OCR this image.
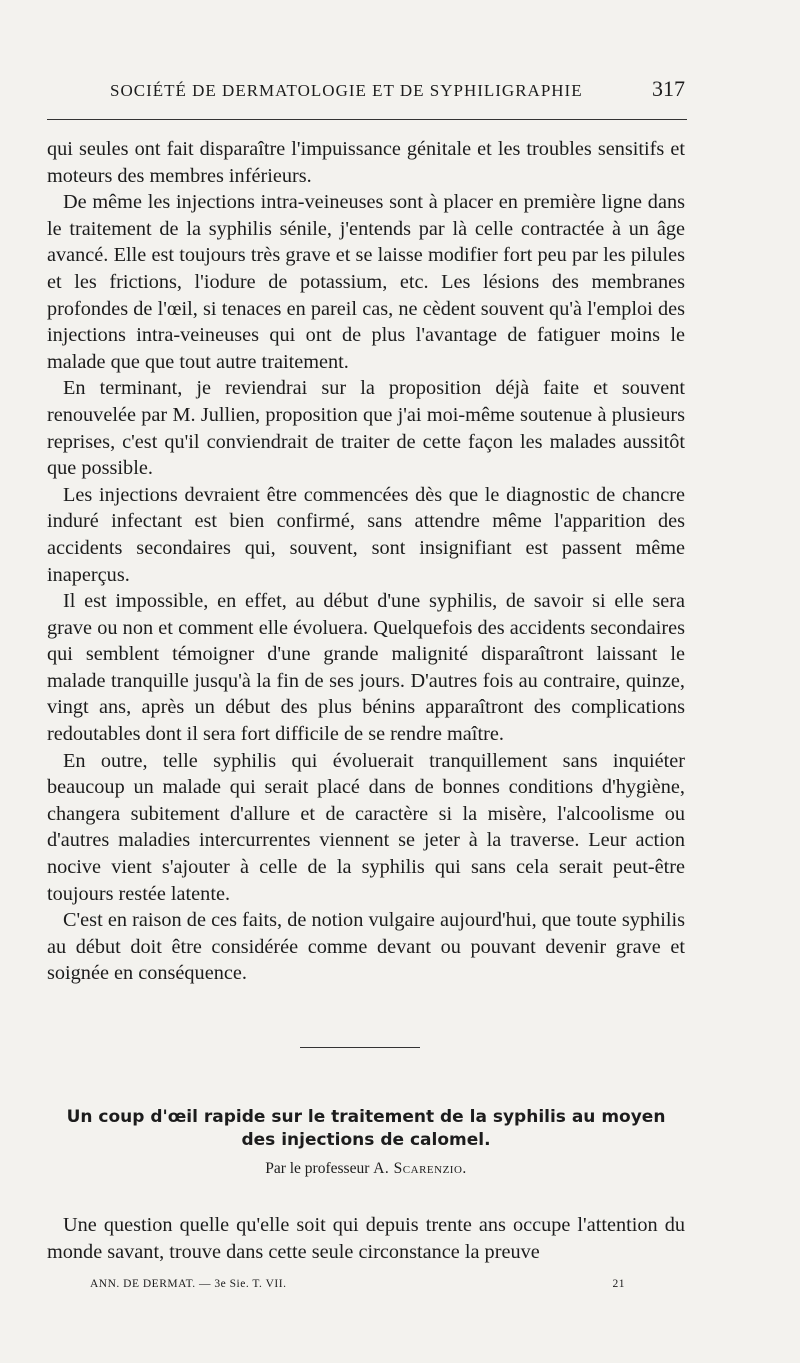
SOCIÉTÉ DE DERMATOLOGIE ET DE SYPHILIGRAPHIE	317

qui seules ont fait disparaître l'impuissance génitale et les troubles sensitifs et moteurs des membres inférieurs.

De même les injections intra-veineuses sont à placer en première ligne dans le traitement de la syphilis sénile, j'entends par là celle contractée à un âge avancé. Elle est toujours très grave et se laisse modifier fort peu par les pilules et les frictions, l'iodure de potassium, etc. Les lésions des membranes profondes de l'œil, si tenaces en pareil cas, ne cèdent souvent qu'à l'emploi des injections intra-veineuses qui ont de plus l'avantage de fatiguer moins le malade que que tout autre traitement.

En terminant, je reviendrai sur la proposition déjà faite et souvent renouvelée par M. Jullien, proposition que j'ai moi-même soutenue à plusieurs reprises, c'est qu'il conviendrait de traiter de cette façon les malades aussitôt que possible.

Les injections devraient être commencées dès que le diagnostic de chancre induré infectant est bien confirmé, sans attendre même l'apparition des accidents secondaires qui, souvent, sont insignifiant est passent même inaperçus.

Il est impossible, en effet, au début d'une syphilis, de savoir si elle sera grave ou non et comment elle évoluera. Quelquefois des accidents secondaires qui semblent témoigner d'une grande malignité disparaîtront laissant le malade tranquille jusqu'à la fin de ses jours. D'autres fois au contraire, quinze, vingt ans, après un début des plus bénins apparaîtront des complications redoutables dont il sera fort difficile de se rendre maître.

En outre, telle syphilis qui évoluerait tranquillement sans inquiéter beaucoup un malade qui serait placé dans de bonnes conditions d'hygiène, changera subitement d'allure et de caractère si la misère, l'alcoolisme ou d'autres maladies intercurrentes viennent se jeter à la traverse. Leur action nocive vient s'ajouter à celle de la syphilis qui sans cela serait peut-être toujours restée latente.

C'est en raison de ces faits, de notion vulgaire aujourd'hui, que toute syphilis au début doit être considérée comme devant ou pouvant devenir grave et soignée en conséquence.

Un coup d'œil rapide sur le traitement de la syphilis au moyen des injections de calomel.
Par le professeur A. Scarenzio.

Une question quelle qu'elle soit qui depuis trente ans occupe l'attention du monde savant, trouve dans cette seule circonstance la preuve

ANN. DE DERMAT. — 3e Sie. T. VII.	21
